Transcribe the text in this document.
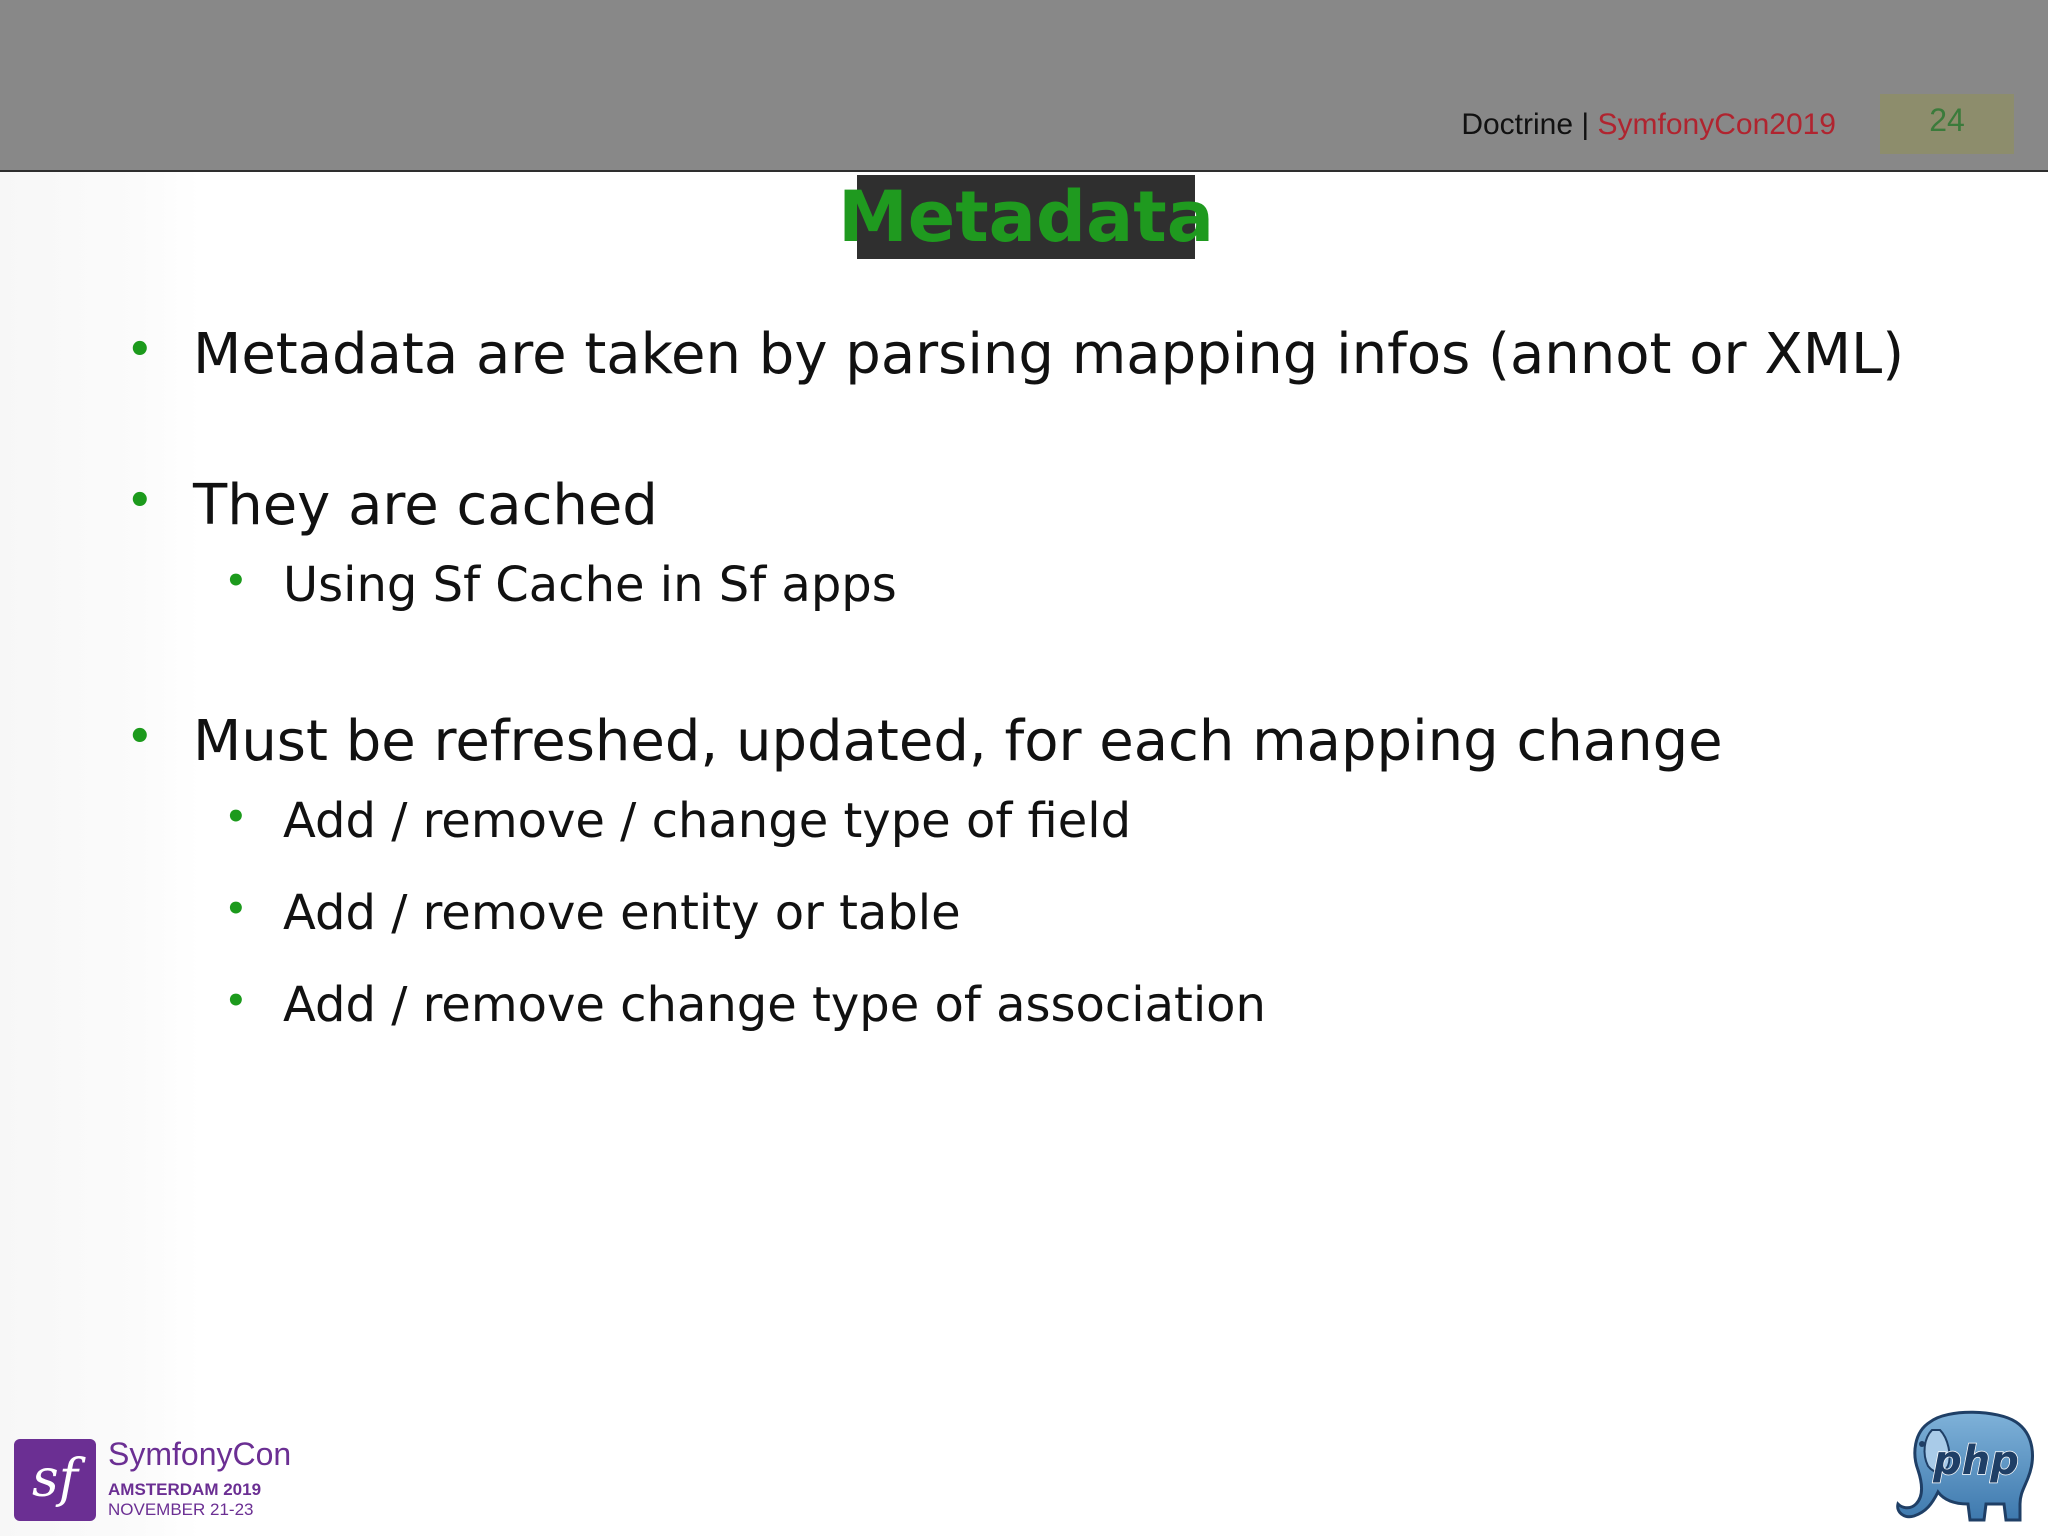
Doctrine | SymfonyCon2019	24
Metadata
• Metadata are taken by parsing mapping infos (annot or XML)
• They are cached
• Using Sf Cache in Sf apps
• Must be refreshed, updated, for each mapping change
• Add / remove / change type of field
• Add / remove entity or table
• Add / remove change type of association
sf SymfonyCon
AMSTERDAM 2019
NOVEMBER 21-23
php
